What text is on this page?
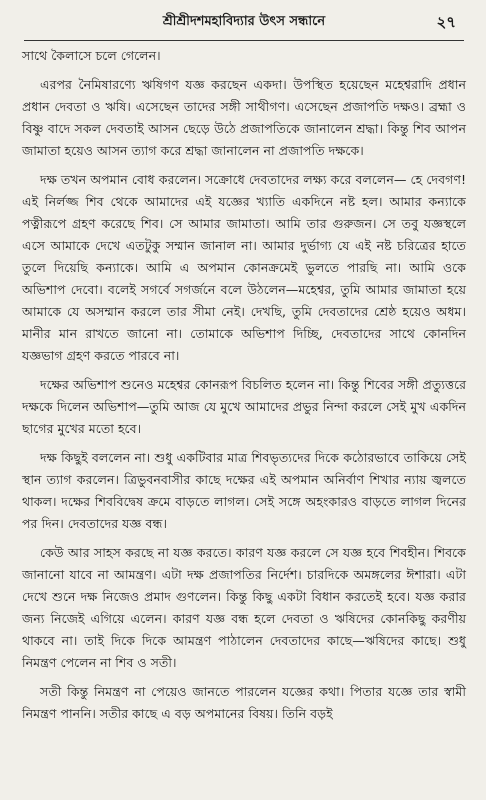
শ্রীশ্রীদশমহাবিদ্যার উৎস সন্ধানে	২৭

সাথে কৈলাসে চলে গেলেন।

এরপর নৈমিষারণ্যে ঋষিগণ যজ্ঞ করছেন একদা। উপস্থিত হয়েছেন মহেশ্বরাদি প্রধান প্রধান দেবতা ও ঋষি। এসেছেন তাদের সঙ্গী সাথীগণ। এসেছেন প্রজাপতি দক্ষও। ব্রহ্মা ও বিষ্ণু বাদে সকল দেবতাই আসন ছেড়ে উঠে প্রজাপতিকে জানালেন শ্রদ্ধা। কিন্তু শিব আপন জামাতা হয়েও আসন ত্যাগ করে শ্রদ্ধা জানালেন না প্রজাপতি দক্ষকে।

দক্ষ তখন অপমান বোধ করলেন। সক্রোধে দেবতাদের লক্ষ্য করে বললেন— হে দেবগণ! এই নির্লজ্জ শিব থেকে আমাদের এই যজ্ঞের খ্যাতি একদিনে নষ্ট হল। আমার কন্যাকে পত্নীরূপে গ্রহণ করেছে শিব। সে আমার জামাতা। আমি তার গুরুজন। সে তবু যজ্ঞস্থলে এসে আমাকে দেখে এতটুকু সম্মান জানাল না। আমার দুর্ভাগ্য যে এই নষ্ট চরিত্রের হাতে তুলে দিয়েছি কন্যাকে। আমি এ অপমান কোনক্রমেই ভুলতে পারছি না। আমি ওকে অভিশাপ দেবো। বলেই সগর্বে সগর্জনে বলে উঠলেন—মহেশ্বর, তুমি আমার জামাতা হয়ে আমাকে যে অসম্মান করলে তার সীমা নেই। দেখছি, তুমি দেবতাদের শ্রেষ্ঠ হয়েও অধম। মানীর মান রাখতে জানো না। তোমাকে অভিশাপ দিচ্ছি, দেবতাদের সাথে কোনদিন যজ্ঞভাগ গ্রহণ করতে পারবে না।

দক্ষের অভিশাপ শুনেও মহেশ্বর কোনরূপ বিচলিত হলেন না। কিন্তু শিবের সঙ্গী প্রত্যুত্তরে দক্ষকে দিলেন অভিশাপ—তুমি আজ যে মুখে আমাদের প্রভুর নিন্দা করলে সেই মুখ একদিন ছাগের মুখের মতো হবে।

দক্ষ কিছুই বললেন না। শুধু একটিবার মাত্র শিবভৃত্যদের দিকে কঠোরভাবে তাকিয়ে সেই স্থান ত্যাগ করলেন। ত্রিভুবনবাসীর কাছে দক্ষের এই অপমান অনির্বাণ শিখার ন্যায় জ্বলতে থাকল। দক্ষের শিববিদ্বেষ ক্রমে বাড়তে লাগল। সেই সঙ্গে অহংকারও বাড়তে লাগল দিনের পর দিন। দেবতাদের যজ্ঞ বন্ধ।

কেউ আর সাহস করছে না যজ্ঞ করতে। কারণ যজ্ঞ করলে সে যজ্ঞ হবে শিবহীন। শিবকে জানানো যাবে না আমন্ত্রণ। এটা দক্ষ প্রজাপতির নির্দেশ। চারদিকে অমঙ্গলের ঈশারা। এটা দেখে শুনে দক্ষ নিজেও প্রমাদ গুণলেন। কিন্তু কিছু একটা বিধান করতেই হবে। যজ্ঞ করার জন্য নিজেই এগিয়ে এলেন। কারণ যজ্ঞ বন্ধ হলে দেবতা ও ঋষিদের কোনকিছু করণীয় থাকবে না। তাই দিকে দিকে আমন্ত্রণ পাঠালেন দেবতাদের কাছে—ঋষিদের কাছে। শুধু নিমন্ত্রণ পেলেন না শিব ও সতী।

সতী কিন্তু নিমন্ত্রণ না পেয়েও জানতে পারলেন যজ্ঞের কথা। পিতার যজ্ঞে তার স্বামী নিমন্ত্রণ পাননি। সতীর কাছে এ বড় অপমানের বিষয়। তিনি বড়ই
